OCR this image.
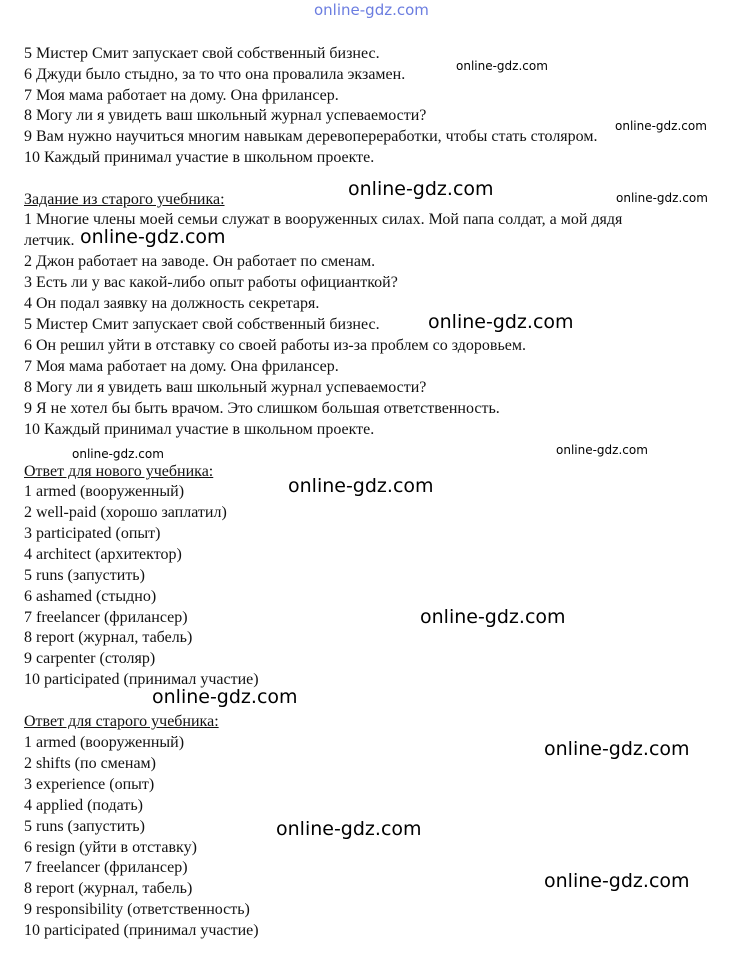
online-gdz.com
5 Мистер Смит запускает свой собственный бизнес.
6 Джуди было стыдно, за то что она провалила экзамен.
7 Моя мама работает на дому. Она фрилансер.
8 Могу ли я увидеть ваш школьный журнал успеваемости?
9 Вам нужно научиться многим навыкам деревопереработки, чтобы стать столяром.
10 Каждый принимал участие в школьном проекте.
Задание из старого учебника:
1 Многие члены моей семьи служат в вооруженных силах. Мой папа солдат, а мой дядя
летчик.
2 Джон работает на заводе. Он работает по сменам.
3 Есть ли у вас какой-либо опыт работы официанткой?
4 Он подал заявку на должность секретаря.
5 Мистер Смит запускает свой собственный бизнес.
6 Он решил уйти в отставку со своей работы из-за проблем со здоровьем.
7 Моя мама работает на дому. Она фрилансер.
8 Могу ли я увидеть ваш школьный журнал успеваемости?
9 Я не хотел бы быть врачом. Это слишком большая ответственность.
10 Каждый принимал участие в школьном проекте.
Ответ для нового учебника:
1 armed (вооруженный)
2 well-paid (хорошо заплатил)
3 participated (опыт)
4 architect (архитектор)
5 runs (запустить)
6 ashamed (стыдно)
7 freelancer (фрилансер)
8 report (журнал, табель)
9 carpenter (столяр)
10 participated (принимал участие)
Ответ для старого учебника:
1 armed (вооруженный)
2 shifts (по сменам)
3 experience (опыт)
4 applied (подать)
5 runs (запустить)
6 resign (уйти в отставку)
7 freelancer (фрилансер)
8 report (журнал, табель)
9 responsibility (ответственность)
10 participated (принимал участие)
online-gdz.com
online-gdz.com
online-gdz.com	online-gdz.com
online-gdz.com
online-gdz.com
online-gdz.com
online-gdz.com
online-gdz.com
online-gdz.com
online-gdz.com
online-gdz.com
online-gdz.com
online-gdz.com
